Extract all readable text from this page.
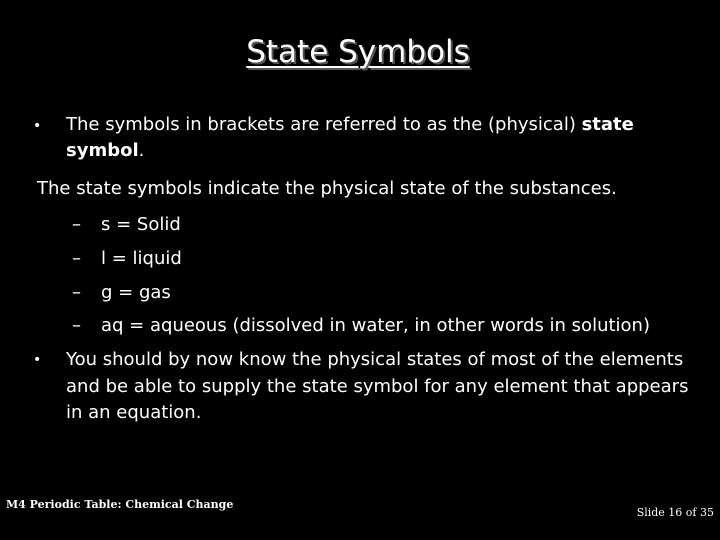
State Symbols
• The symbols in brackets are referred to as the (physical) state
symbol.
The state symbols indicate the physical state of the substances.
– s = Solid
– l = liquid
– g = gas
– aq = aqueous (dissolved in water, in other words in solution)
• You should by now know the physical states of most of the elements
and be able to supply the state symbol for any element that appears
in an equation.
M4 Periodic Table: Chemical Change
Slide 16 of 35
